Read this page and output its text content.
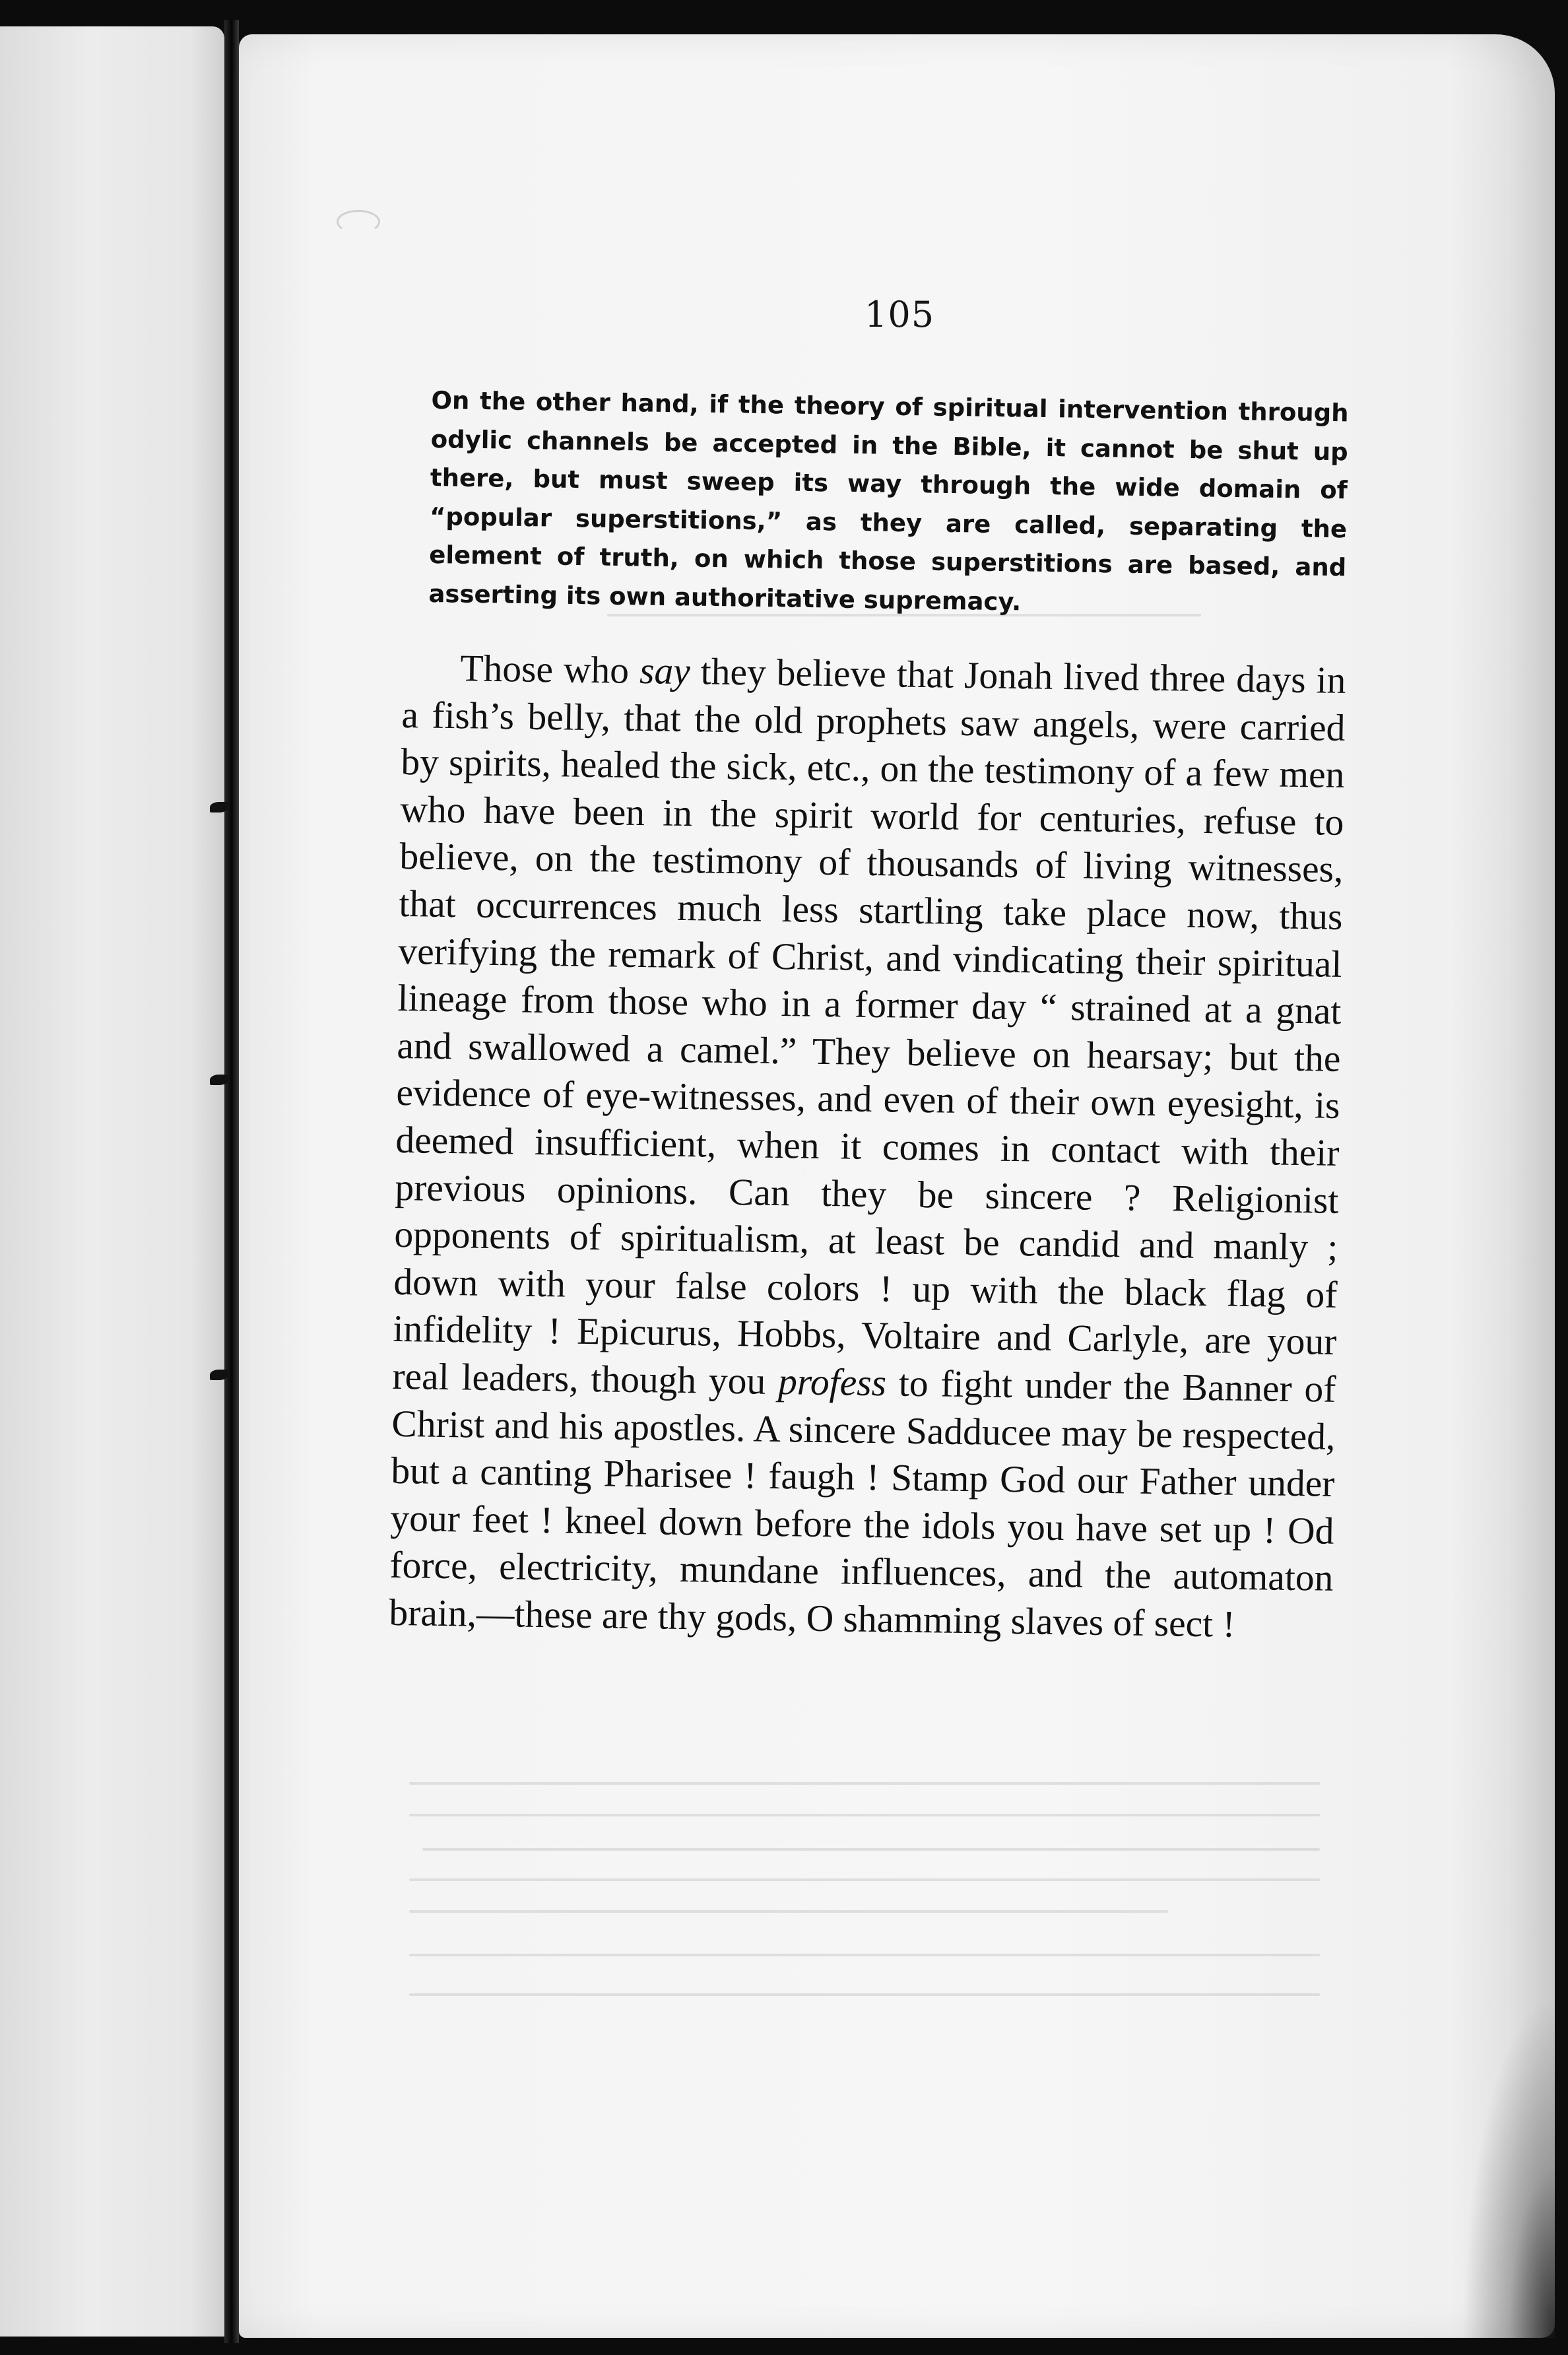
105

On the other hand, if the theory of spiritual intervention through odylic channels be accepted in the Bible, it cannot be shut up there, but must sweep its way through the wide domain of “popular superstitions,” as they are called, separating the element of truth, on which those superstitions are based, and asserting its own authoritative supremacy.

Those who say they believe that Jonah lived three days in a fish’s belly, that the old prophets saw angels, were carried by spirits, healed the sick, etc., on the testimony of a few men who have been in the spirit world for centuries, refuse to believe, on the testimony of thousands of living witnesses, that occurrences much less startling take place now, thus verifying the remark of Christ, and vindicating their spiritual lineage from those who in a former day “ strained at a gnat and swallowed a camel.” They believe on hearsay; but the evidence of eye-witnesses, and even of their own eyesight, is deemed insufficient, when it comes in contact with their previous opinions. Can they be sincere ? Religionist opponents of spiritualism, at least be candid and manly ; down with your false colors ! up with the black flag of infidelity ! Epicurus, Hobbs, Voltaire and Carlyle, are your real leaders, though you profess to fight under the Banner of Christ and his apostles. A sincere Sadducee may be respected, but a canting Pharisee ! faugh ! Stamp God our Father under your feet ! kneel down before the idols you have set up ! Od force, electricity, mundane influences, and the automaton brain,—these are thy gods, O shamming slaves of sect !
